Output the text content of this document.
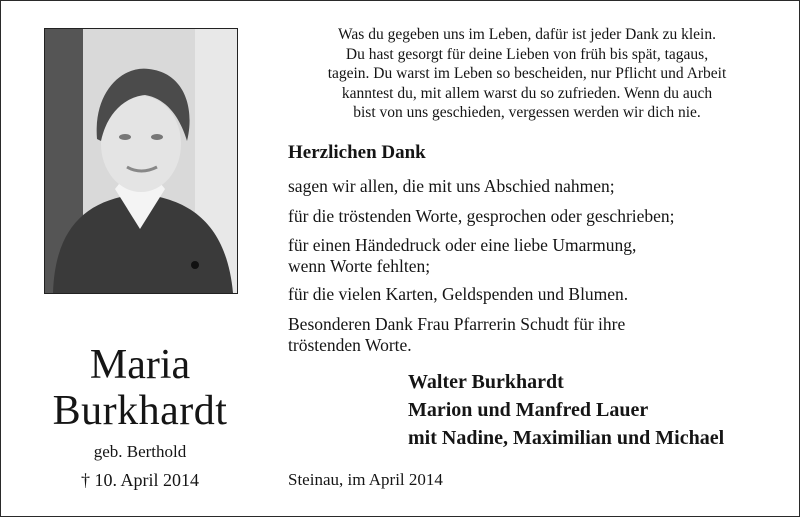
Maria
Burkhardt
geb. Berthold
† 10. April 2014
Was du gegeben uns im Leben, dafür ist jeder Dank zu klein.
Du hast gesorgt für deine Lieben von früh bis spät, tagaus,
tagein. Du warst im Leben so bescheiden, nur Pflicht und Arbeit
kanntest du, mit allem warst du so zufrieden. Wenn du auch
bist von uns geschieden, vergessen werden wir dich nie.
Herzlichen Dank
sagen wir allen, die mit uns Abschied nahmen;
für die tröstenden Worte, gesprochen oder geschrieben;
für einen Händedruck oder eine liebe Umarmung,
wenn Worte fehlten;
für die vielen Karten, Geldspenden und Blumen.
Besonderen Dank Frau Pfarrerin Schudt für ihre
tröstenden Worte.
Walter Burkhardt
Marion und Manfred Lauer
mit Nadine, Maximilian und Michael
Steinau, im April 2014
